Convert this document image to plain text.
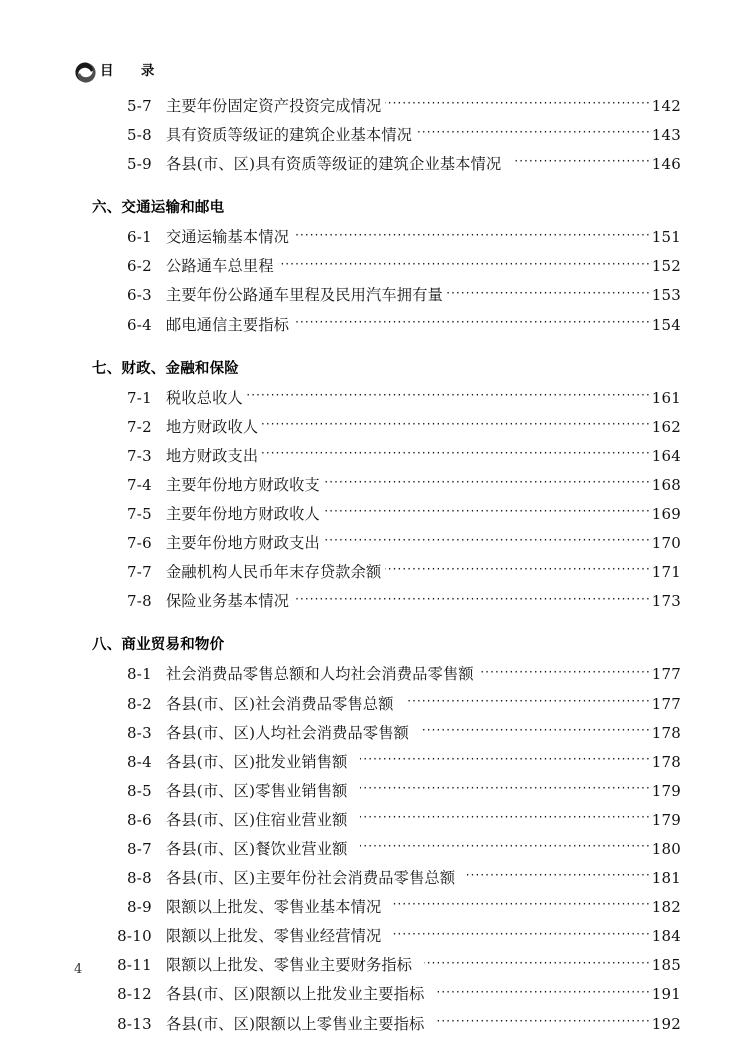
目  录
5-7 主要年份固定资产投资完成情况 ·····	142
5-8 具有资质等级证的建筑企业基本情况 ·····	143
5-9 各县(市、区)具有资质等级证的建筑企业基本情况 ·····	146
六、交通运输和邮电
6-1 交通运输基本情况 ·····	151
6-2 公路通车总里程 ·····	152
6-3 主要年份公路通车里程及民用汽车拥有量 ·····	153
6-4 邮电通信主要指标 ·····	154
七、财政、金融和保险
7-1 税收总收人 ·····	161
7-2 地方财政收人 ·····	162
7-3 地方财政支出 ·····	164
7-4 主要年份地方财政收支 ·····	168
7-5 主要年份地方财政收人 ·····	169
7-6 主要年份地方财政支出 ·····	170
7-7 金融机构人民币年末存贷款余额 ·····	171
7-8 保险业务基本情况 ·····	173
八、商业贸易和物价
8-1 社会消费品零售总额和人均社会消费品零售额 ·····	177
8-2 各县(市、区)社会消费品零售总额 ·····	177
8-3 各县(市、区)人均社会消费品零售额 ·····	178
8-4 各县(市、区)批发业销售额 ·····	178
8-5 各县(市、区)零售业销售额 ·····	179
8-6 各县(市、区)住宿业营业额 ·····	179
8-7 各县(市、区)餐饮业营业额 ·····	180
8-8 各县(市、区)主要年份社会消费品零售总额 ·····	181
8-9 限额以上批发、零售业基本情况 ·····	182
8-10 限额以上批发、零售业经营情况 ·····	184
8-11 限额以上批发、零售业主要财务指标 ·····	185
8-12 各县(市、区)限额以上批发业主要指标 ·····	191
8-13 各县(市、区)限额以上零售业主要指标 ·····	192
4
